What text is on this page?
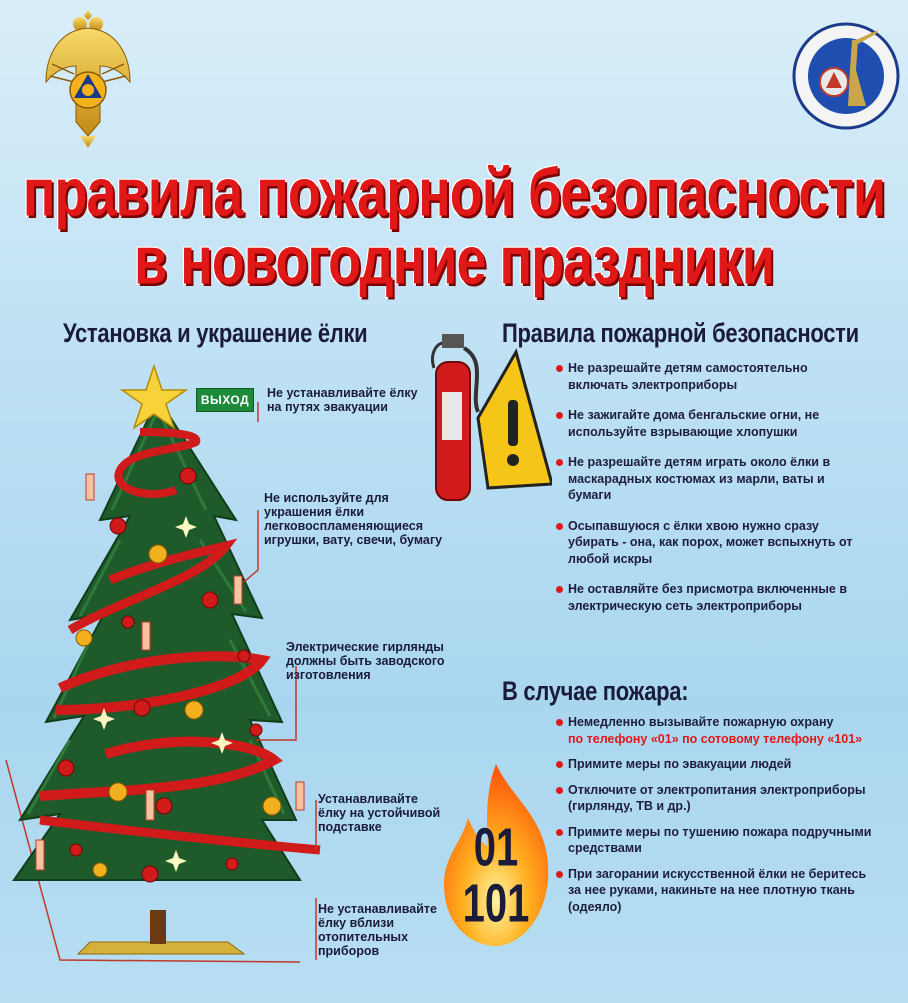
правила пожарной безопасности
в новогодние праздники
Установка и украшение ёлки	Правила пожарной безопасности
ВЫХОД	Не устанавливайте ёлку
на путях эвакуации
Не используйте для
украшения ёлки
легковоспламеняющиеся
игрушки, вату, свечи, бумагу
Электрические гирлянды
должны быть заводского
изготовления
Устанавливайте
ёлку на устойчивой
подставке
Не устанавливайте
ёлку вблизи
отопительных
приборов
Не разрешайте детям самостоятельно включать электроприборы
Не зажигайте дома бенгальские огни, не используйте взрывающие хлопушки
Не разрешайте детям играть около ёлки в маскарадных костюмах из марли, ваты и бумаги
Осыпавшуюся с ёлки хвою нужно сразу убирать - она, как порох, может вспыхнуть от любой искры
Не оставляйте без присмотра включенные в электрическую сеть электроприборы
В случае пожара:
01
101
Немедленно вызывайте пожарную охрану
по телефону «01» по сотовому телефону «101»
Примите меры по эвакуации людей
Отключите от электропитания электроприборы (гирлянду, ТВ и др.)
Примите меры по тушению пожара подручными средствами
При загорании искусственной ёлки не беритесь за нее руками, накиньте на нее плотную ткань (одеяло)
